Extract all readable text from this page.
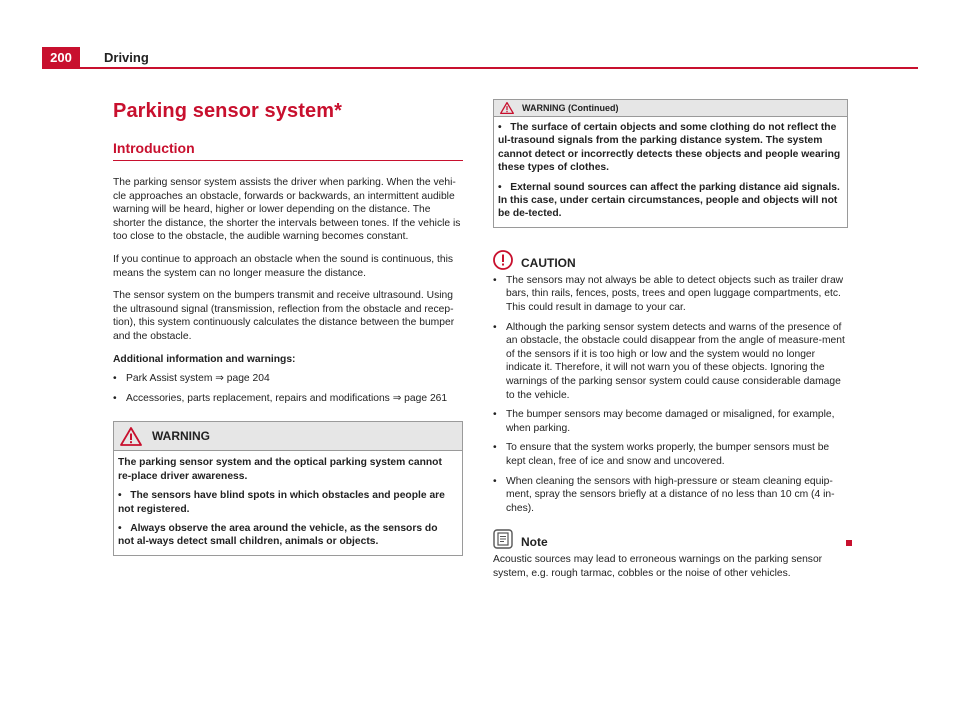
200	Driving
Parking sensor system*
Introduction

The parking sensor system assists the driver when parking. When the vehi-cle approaches an obstacle, forwards or backwards, an intermittent audible warning will be heard, higher or lower depending on the distance. The shorter the distance, the shorter the intervals between tones. If the vehicle is too close to the obstacle, the audible warning becomes constant.

If you continue to approach an obstacle when the sound is continuous, this means the system can no longer measure the distance.

The sensor system on the bumpers transmit and receive ultrasound. Using the ultrasound signal (transmission, reflection from the obstacle and recep-tion), this system continuously calculates the distance between the bumper and the obstacle.

Additional information and warnings:

• Park Assist system ⇒ page 204
• Accessories, parts replacement, repairs and modifications ⇒ page 261
WARNING
The parking sensor system and the optical parking system cannot re-place driver awareness.
• The sensors have blind spots in which obstacles and people are not registered.
• Always observe the area around the vehicle, as the sensors do not al-ways detect small children, animals or objects.
WARNING (Continued)
• The surface of certain objects and some clothing do not reflect the ul-trasound signals from the parking distance system. The system cannot detect or incorrectly detects these objects and people wearing these types of clothes.
• External sound sources can affect the parking distance aid signals. In this case, under certain circumstances, people and objects will not be de-tected.
CAUTION
• The sensors may not always be able to detect objects such as trailer draw bars, thin rails, fences, posts, trees and open luggage compartments, etc. This could result in damage to your car.
• Although the parking sensor system detects and warns of the presence of an obstacle, the obstacle could disappear from the angle of measure-ment of the sensors if it is too high or low and the system would no longer indicate it. Therefore, it will not warn you of these objects. Ignoring the warnings of the parking sensor system could cause considerable damage to the vehicle.
• The bumper sensors may become damaged or misaligned, for example, when parking.
• To ensure that the system works properly, the bumper sensors must be kept clean, free of ice and snow and uncovered.
• When cleaning the sensors with high-pressure or steam cleaning equip-ment, spray the sensors briefly at a distance of no less than 10 cm (4 in-ches).
Note

Acoustic sources may lead to erroneous warnings on the parking sensor system, e.g. rough tarmac, cobbles or the noise of other vehicles.
